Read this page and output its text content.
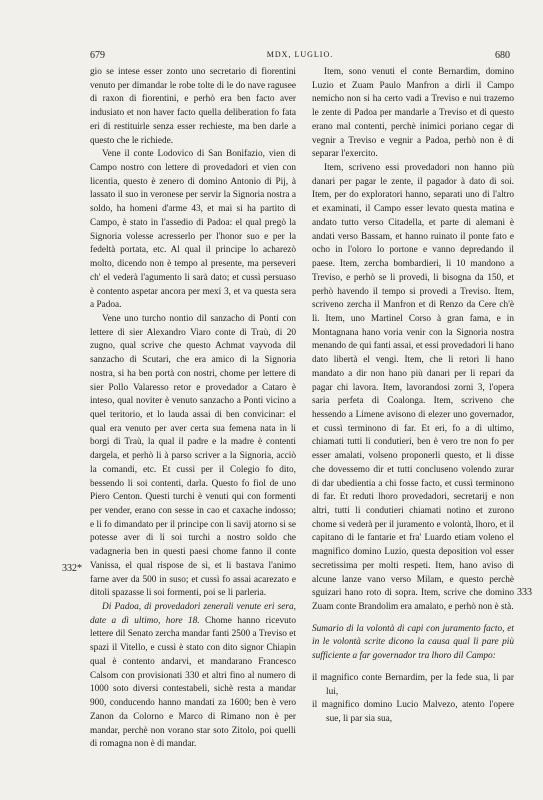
679	MDX, LUGLIO.	680

gio se intese esser zonto uno secretario di fiorentini venuto per dimandar le robe tolte di le do nave ragusee di raxon di fiorentini, e perhò era ben facto aver indusiato et non haver facto quella deliberation fo fata eri di restituirle senza esser rechieste, ma ben darle a questo che le richiede.

Vene il conte Lodovico di San Bonifazio, vien di Campo nostro con lettere di provedadori et vien con licentia, questo è zenero di domino Antonio di Pij, à lassato il suo in veronese per servir la Signoria nostra a soldo, ha homeni d'arme 43, et mai si ha partito di Campo, è stato in l'assedio di Padoa: el qual pregò la Signoria volesse acresserlo per l'honor suo e per la fedeltà portata, etc. Al qual il principe lo acharezò molto, dicendo non è tempo al presente, ma perseveri ch' el vederà l'agumento li sarà dato; et cussì persuaso è contento aspetar ancora per mexi 3, et va questa sera a Padoa.

Vene uno turcho nontio dil sanzacho di Ponti con lettere di sier Alexandro Viaro conte di Traù, di 20 zugno, qual scrive che questo Achmat vayvoda dil sanzacho di Scutari, che era amico di la Signoria nostra, si ha ben portà con nostri, chome per lettere di sier Pollo Valaresso retor e provedador a Cataro è inteso, qual noviter è venuto sanzacho a Ponti vicino a quel teritorio, et lo lauda assai di ben convicinar: el qual era venuto per aver certa sua femena nata in li borgi di Traù, la qual il padre e la madre è contenti dargela, et perhò li à parso scriver a la Signoria, acciò la comandi, etc. Et cussì per il Colegio fo dito, bessendo li soi contenti, darla. Questo fo fiol de uno Piero Centon. Questi turchi è venuti qui con formenti per vender, erano con sesse in cao et caxache indosso; e li fo dimandato per il principe con li savij atorno si se potesse aver di li soi turchi a nostro soldo che vadagneria ben in questi paesi chome fanno il conte Vanissa, el qual rispose de sì, et li bastava l'animo farne aver da 500 in suso; et cussì fo assai acarezato e ditoli spazasse li soi formenti, poi se li parleria.

Di Padoa, di provedadori zenerali venute eri sera, date a dì ultimo, hore 18. Chome hanno ricevuto lettere dil Senato zercha mandar fanti 2500 a Treviso et spazi il Vitello, e cussì è stato con dito signor Chiapin qual è contento andarvi, et mandarano Francesco Calsom con provisionati 330 et altri fino al numero di 1000 soto diversi contestabeli, sichè resta a mandar 900, conducendo hanno mandati za 1600; ben è vero Zanon da Colorno e Marco di Rimano non è per mandar, perchè non vorano star soto Zitolo, poi quelli di romagna non è di mandar.

332*

Item, sono venuti el conte Bernardim, domino Luzio et Zuam Paulo Manfron a dirli il Campo nemicho non si ha certo vadi a Treviso e nui trazemo le zente di Padoa per mandarle a Treviso et di questo erano mal contenti, perchè inimici poriano cegar di vegnir a Treviso e vegnir a Padoa, perhò non è di separar l'exercito.

Item, scriveno essi provedadori non hanno più danari per pagar le zente, il pagador à dato di soi. Item, per do exploratori hanno, separati uno di l'altro et examinati, il Campo esser levato questa matina e andato tutto verso Citadella, et parte di alemani è andati verso Bassam, et hanno ruinato il ponte fato e ocho in l'oloro lo portone e vanno depredando il paese. Item, zercha bombardieri, li 10 mandono a Treviso, e perhò se li provedi, li bisogna da 150, et perhò havendo il tempo si provedi a Treviso. Item, scriveno zercha il Manfron et di Renzo da Cere ch'è lì. Item, uno Martinel Corso à gran fama, e in Montagnana hano voria venir con la Signoria nostra menando de qui fanti assai, et essi provedadori li hano dato libertà el vengi. Item, che li retori li hano mandato a dir non hano più danari per li repari da pagar chi lavora. Item, lavorandosi zorni 3, l'opera saria perfeta di Coalonga. Item, scriveno che hessendo a Limene avisono di elezer uno governador, et cussì terminono di far. Et eri, fo a dì ultimo, chiamati tutti li condutieri, ben è vero tre non fo per esser amalati, volseno proponerli questo, et li disse che dovessemo dir et tutti concluseno volendo zurar di dar ubedientia a chi fosse facto, et cussì terminono di far. Et reduti lhoro provedadori, secretarij e non altri, tutti li condutieri chiamati notino et zurono chome si vederà per il juramento e volontà, lhoro, et il capitano di le fantarie et fra' Luardo etiam voleno el magnifico domino Luzio, questa deposition vol esser secretissima per molti respeti. Item, hano aviso di alcune lanze vano verso Milam, e questo perchè sguizari hano roto di sopra. Item, scrive che domino Zuam conte Brandolim era amalato, e perhò non è stà.

Sumario di la volontà di capi con juramento facto, et in le volontà scrite dicono la causa qual li pare più sufficiente a far governador tra lhoro dil Campo:

il magnifico conte Bernardim, per la fede sua, li par lui,

il magnifico domino Lucio Malvezo, atento l'opere sue, li par sia sua,

333
